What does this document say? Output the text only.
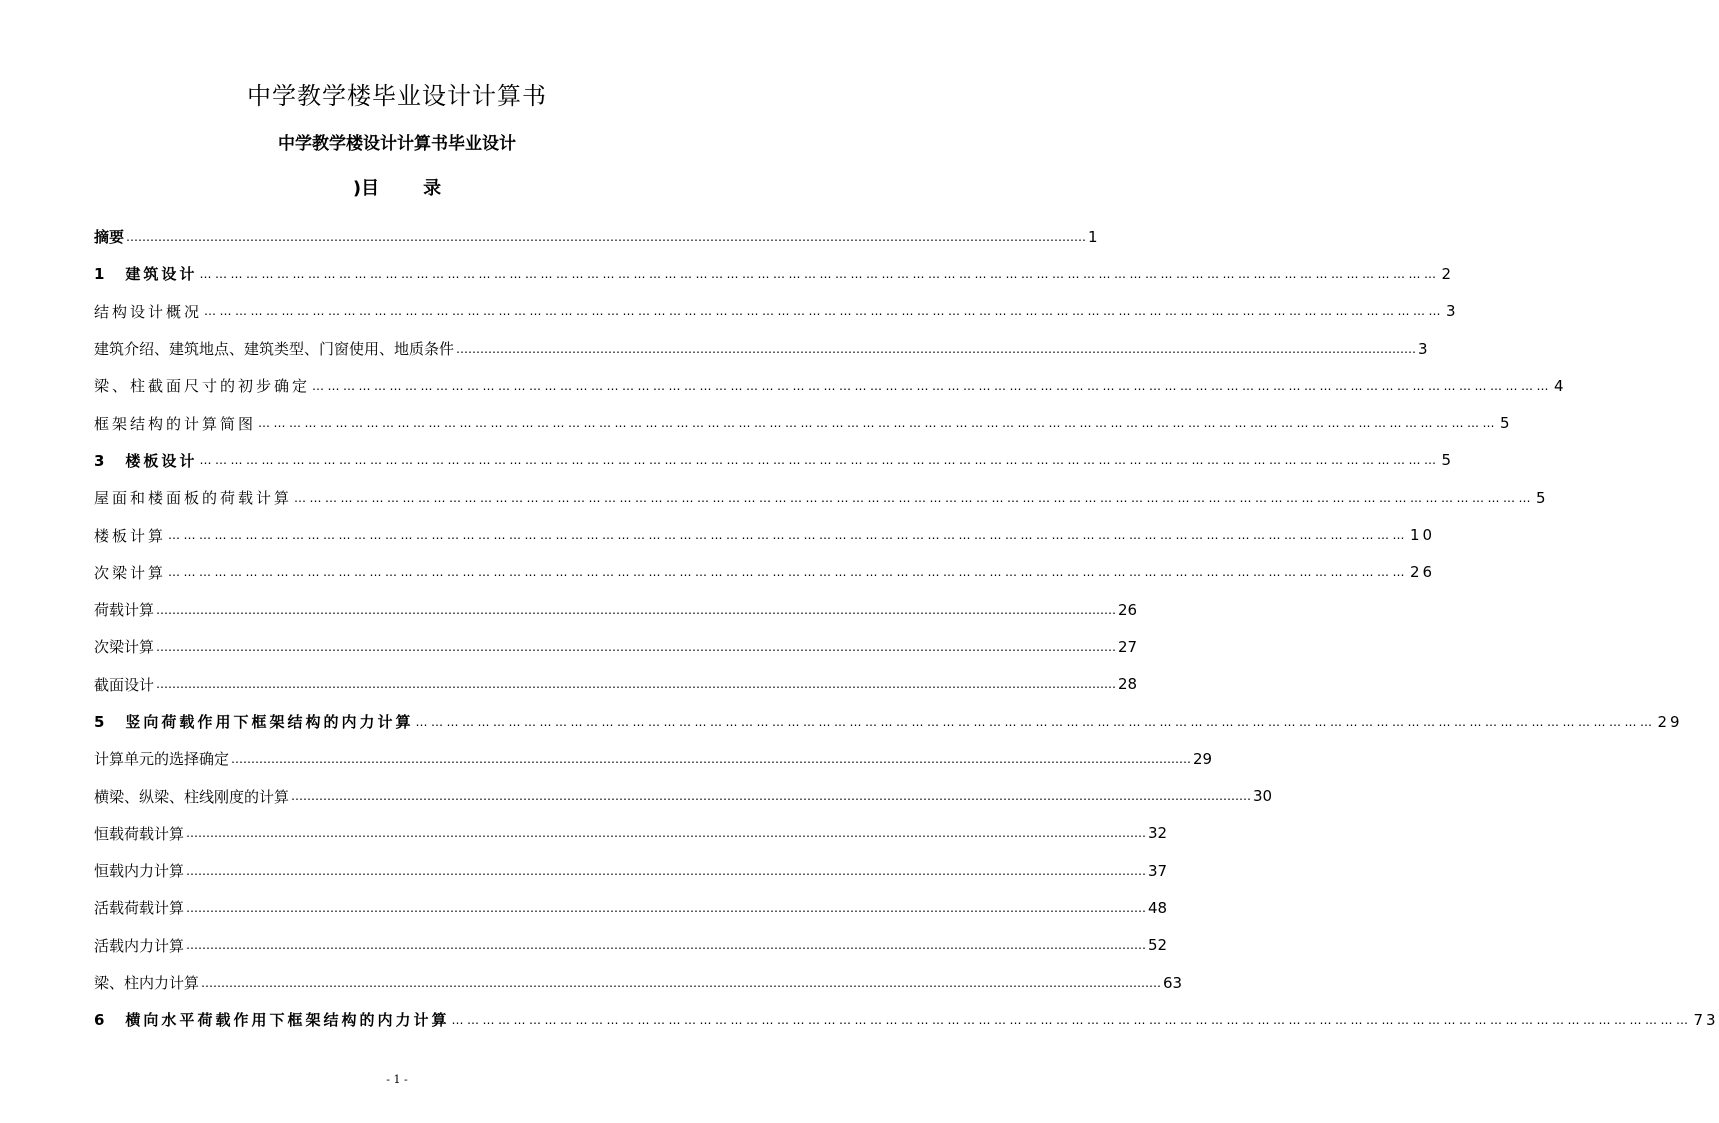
中学教学楼毕业设计计算书
中学教学楼设计计算书毕业设计
)目 录
摘要 …………………………………………………………………………………………………………………………………………………………………………………………………………………… 1
1　建筑设计 …………………………………………………………………………………………………………………………………………………………………………………………………………………… 2
结构设计概况 …………………………………………………………………………………………………………………………………………………………………………………………………………………… 3
建筑介绍、建筑地点、建筑类型、门窗使用、地质条件 …………………………………………………………………………………………………………………………………………………………………………………………………………………… 3
梁、柱截面尺寸的初步确定 …………………………………………………………………………………………………………………………………………………………………………………………………………………… 4
框架结构的计算简图 …………………………………………………………………………………………………………………………………………………………………………………………………………………… 5
3　楼板设计 …………………………………………………………………………………………………………………………………………………………………………………………………………………… 5
屋面和楼面板的荷载计算 …………………………………………………………………………………………………………………………………………………………………………………………………………………… 5
楼板计算 …………………………………………………………………………………………………………………………………………………………………………………………………………………… 10
次梁计算 …………………………………………………………………………………………………………………………………………………………………………………………………………………… 26
荷载计算 …………………………………………………………………………………………………………………………………………………………………………………………………………………… 26
次梁计算 …………………………………………………………………………………………………………………………………………………………………………………………………………………… 27
截面设计 …………………………………………………………………………………………………………………………………………………………………………………………………………………… 28
5　竖向荷载作用下框架结构的内力计算 …………………………………………………………………………………………………………………………………………………………………………………………………………………… 29
计算单元的选择确定 …………………………………………………………………………………………………………………………………………………………………………………………………………………… 29
横梁、纵梁、柱线刚度的计算 …………………………………………………………………………………………………………………………………………………………………………………………………………………… 30
恒载荷载计算 …………………………………………………………………………………………………………………………………………………………………………………………………………………… 32
恒载内力计算 …………………………………………………………………………………………………………………………………………………………………………………………………………………… 37
活载荷载计算 …………………………………………………………………………………………………………………………………………………………………………………………………………………… 48
活载内力计算 …………………………………………………………………………………………………………………………………………………………………………………………………………………… 52
梁、柱内力计算 …………………………………………………………………………………………………………………………………………………………………………………………………………………… 63
6　横向水平荷载作用下框架结构的内力计算 …………………………………………………………………………………………………………………………………………………………………………………………………………………… 73
- 1 -
